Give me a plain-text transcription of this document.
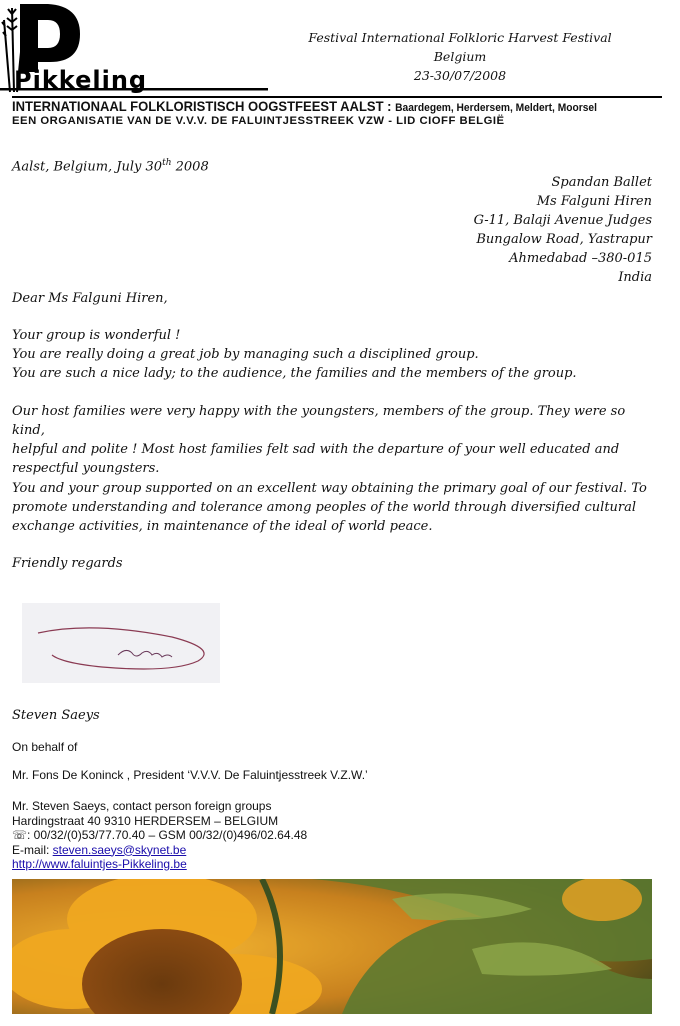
Pikkeling
Festival International Folkloric Harvest Festival
Belgium
23-30/07/2008
INTERNATIONAAL FOLKLORISTISCH OOGSTFEEST AALST : Baardegem, Herdersem, Meldert, Moorsel
EEN ORGANISATIE VAN DE V.V.V. DE FALUINTJESSTREEK VZW - LID CIOFF BELGIË
Aalst, Belgium, July 30th 2008
Spandan Ballet
Ms Falguni Hiren
G-11, Balaji Avenue Judges
Bungalow Road, Yastrapur
Ahmedabad –380-015
India
Dear Ms Falguni Hiren,
Your group is wonderful !
You are really doing a great job by managing such a disciplined group.
You are such a nice lady; to the audience, the families and the members of the group.
Our host families were very happy with the youngsters, members of the group. They were so kind,
helpful and polite ! Most host families felt sad with the departure of your well educated and
respectful youngsters.
You and your group supported on an excellent way obtaining the primary goal of our festival. To
promote understanding and tolerance among peoples of the world through diversified cultural
exchange activities, in maintenance of the ideal of world peace.
Friendly regards
Steven Saeys
On behalf of
Mr. Fons De Koninck , President ‘V.V.V. De Faluintjesstreek V.Z.W.’
Mr. Steven Saeys, contact person foreign groups
Hardingstraat 40 9310 HERDERSEM – BELGIUM
☏: 00/32/(0)53/77.70.40 – GSM 00/32/(0)496/02.64.48
E-mail: steven.saeys@skynet.be
http://www.faluintjes-Pikkeling.be
